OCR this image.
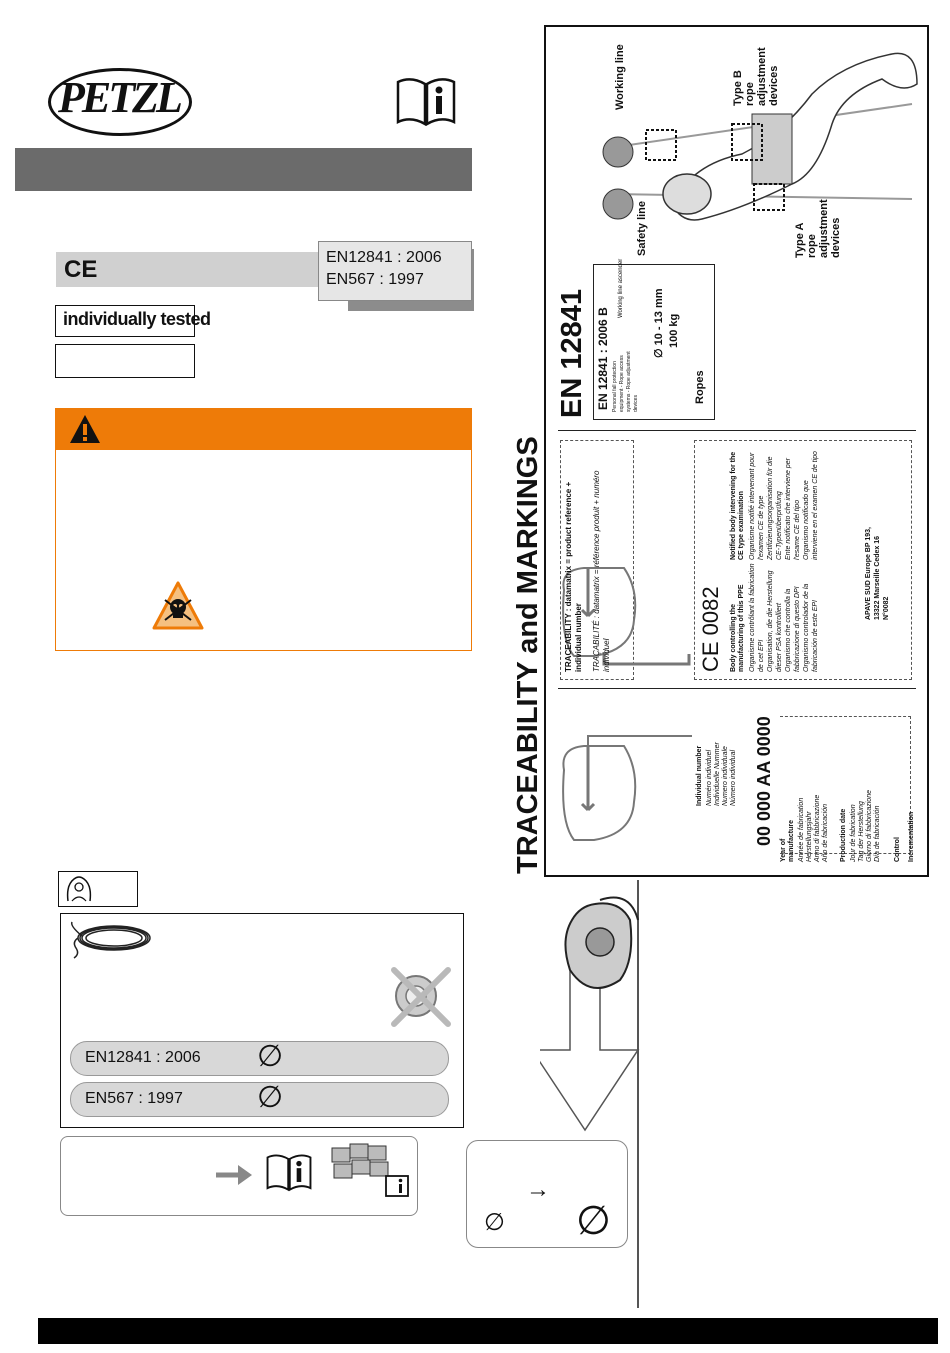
PETZL
CE	EN12841 : 2006
EN567 : 1997
individually tested
EN12841 : 2006 ∅
EN567 : 1997 ∅
→
∅ ∅
TRACEABILITY and MARKINGS
EN 12841 EN 12841 : 2006 B
Working line ascender
Personal fall protection equipment - Rope access systems - Rope adjustment devices
∅ 10 - 13 mm 100 kg
Ropes
Working line
Safety line
Type B rope adjustment devices
Type A rope adjustment devices
TRACEABILITY : datamatrix = product reference + individual number TRAÇABILITÉ : datamatrix = référence produit + numéro individuel	CE 0082 Body controlling the manufacturing of this PPE Organisme contrôlant la fabrication de cet EPI Organisation, die die Herstellung dieser PSA kontrolliert Organismo che controlla la fabbricazione di questo DPI Organismo controlador de la fabricación de este EPI
Notified body intervening for the CE type examination Organisme notifié intervenant pour l'examen CE de type Zertifizierungsorganisation für die CE-Typenüberprüfung Ente notificato che interviene per l'esame CE del tipo Organismo notificado que interviene en el examen CE de tipo
APAVE SUD Europe BP 193, 13322 Marseille Cedex 16 N°0082
00 000 AA 0000
Individual number Numéro individuel Individuelle Nummer Numero individuale Número individual
Year of manufacture Année de fabrication Herstellungsjahr Anno di fabbricazione Año de fabricación Production date Jour de fabrication Tag der Herstellung Giorno di fabbricazione Día de fabricación Control Incrementation
